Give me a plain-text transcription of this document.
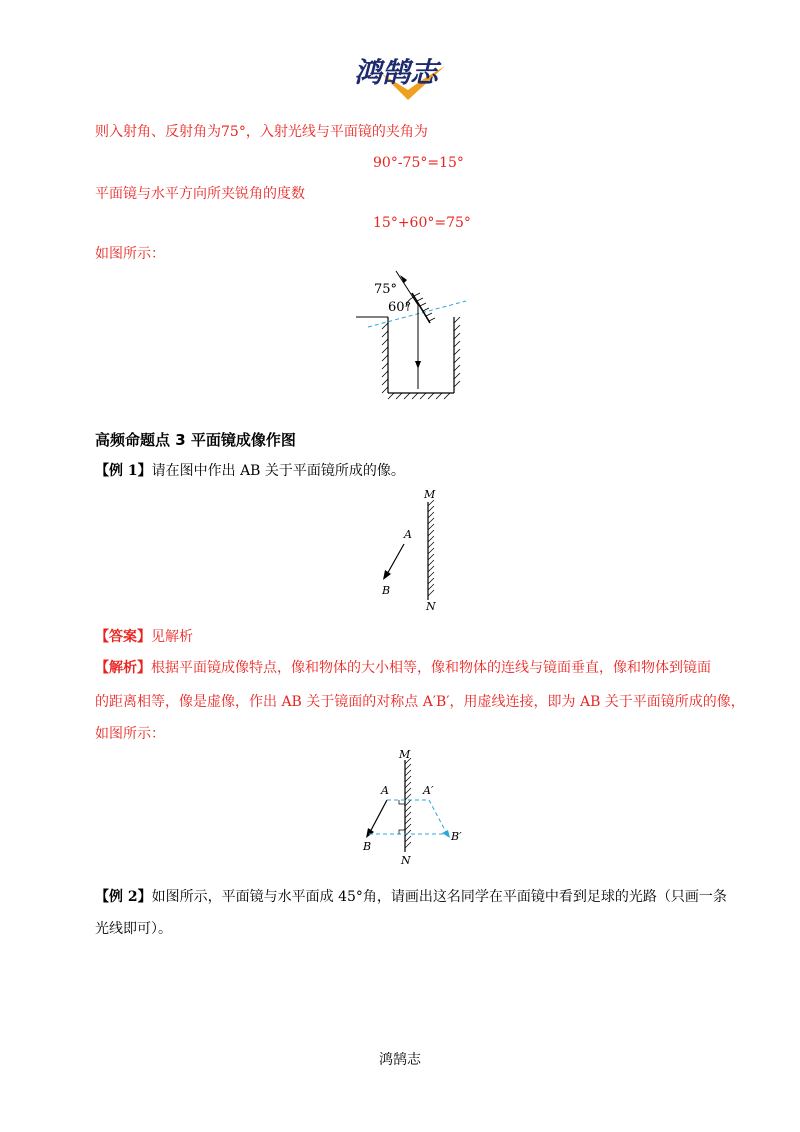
鸿鹄志
则入射角、反射角为75°，入射光线与平面镜的夹角为
90°-75°=15°
平面镜与水平方向所夹锐角的度数
15°+60°=75°
如图所示：
75°
60°
高频命题点 3 平面镜成像作图
【例 1】请在图中作出 AB 关于平面镜所成的像。
M
N
A
B
【答案】见解析
【解析】根据平面镜成像特点，像和物体的大小相等，像和物体的连线与镜面垂直，像和物体到镜面
的距离相等，像是虚像，作出 AB 关于镜面的对称点 A′B′，用虚线连接，即为 AB 关于平面镜所成的像，
如图所示：
M
N
A
B
A′
B′
【例 2】如图所示，平面镜与水平面成 45°角，请画出这名同学在平面镜中看到足球的光路（只画一条
光线即可）。
鸿鹄志
